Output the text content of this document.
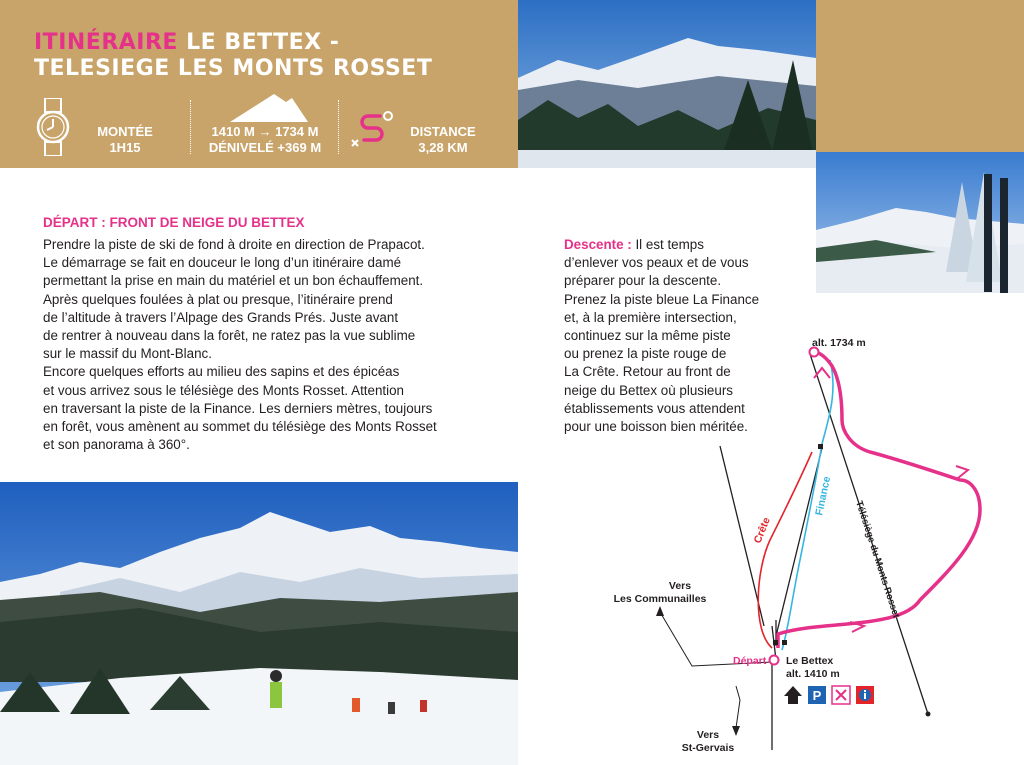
ITINÉRAIRE LE BETTEX -
TELESIEGE LES MONTS ROSSET
MONTÉE
1H15
1410 M → 1734 M
DÉNIVELÉ +369 M
DISTANCE
3,28 KM
DÉPART : FRONT DE NEIGE DU BETTEX
Prendre la piste de ski de fond à droite en direction de Prapacot.
Le démarrage se fait en douceur le long d’un itinéraire damé
permettant la prise en main du matériel et un bon échauffement.
Après quelques foulées à plat ou presque, l’itinéraire prend
de l’altitude à travers l’Alpage des Grands Prés. Juste avant
de rentrer à nouveau dans la forêt, ne ratez pas la vue sublime
sur le massif du Mont-Blanc.
Encore quelques efforts au milieu des sapins et des épicéas
et vous arrivez sous le télésiège des Monts Rosset. Attention
en traversant la piste de la Finance. Les derniers mètres, toujours
en forêt, vous amènent au sommet du télésiège des Monts Rosset
et son panorama à 360°.
Descente : Il est temps
d’enlever vos peaux et de vous
préparer pour la descente.
Prenez la piste bleue La Finance
et, à la première intersection,
continuez sur la même piste
ou prenez la piste rouge de
La Crête. Retour au front de
neige du Bettex où plusieurs
établissements vous attendent
pour une boisson bien méritée.
alt. 1734 m
Départ Le Bettex
alt. 1410 m
Vers
Les Communailles
Vers
St-Gervais
Crête
Finance
Télésiège du Monts Rosset
P
